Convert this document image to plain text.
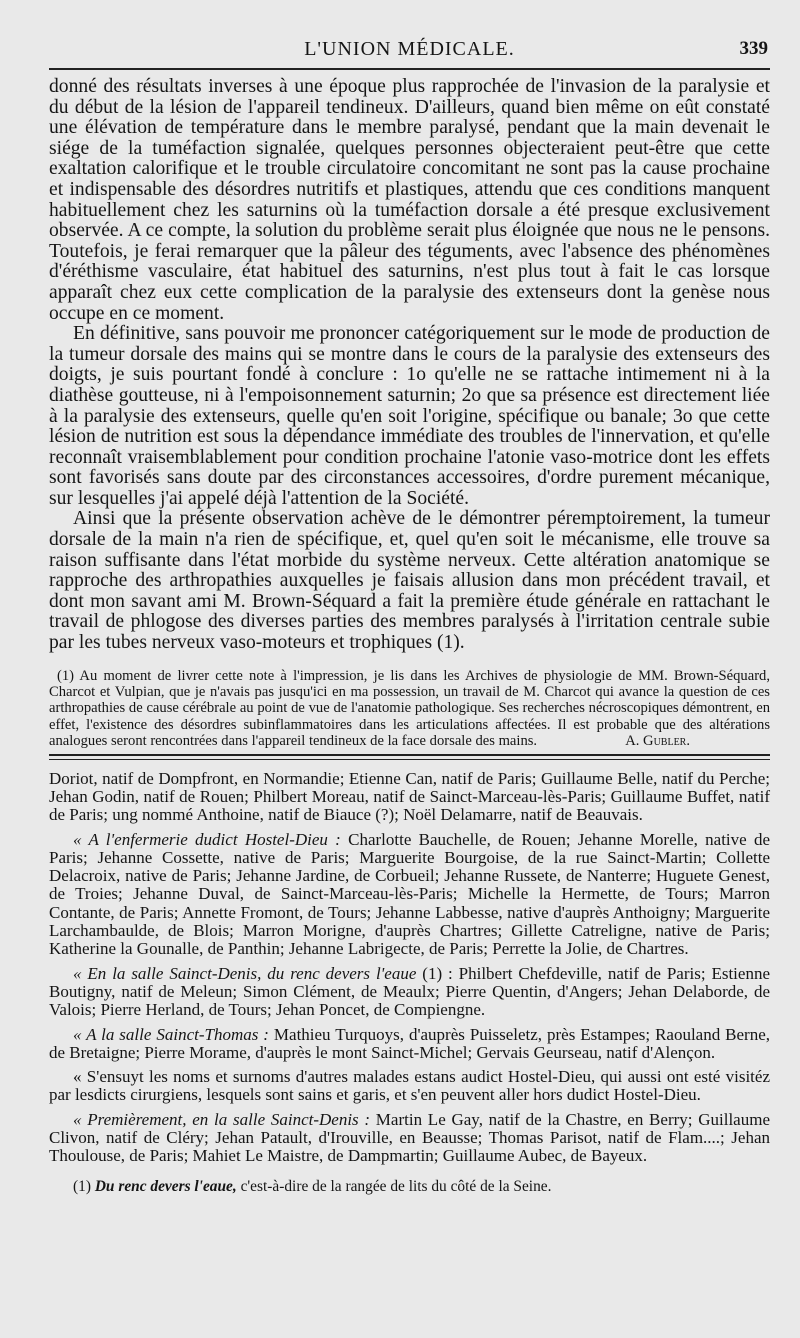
L'UNION MÉDICALE.	339

donné des résultats inverses à une époque plus rapprochée de l'invasion de la paralysie et du début de la lésion de l'appareil tendineux. D'ailleurs, quand bien même on eût constaté une élévation de température dans le membre paralysé, pendant que la main devenait le siége de la tuméfaction signalée, quelques personnes objecteraient peut-être que cette exaltation calorifique et le trouble circulatoire concomitant ne sont pas la cause prochaine et indispensable des désordres nutritifs et plastiques, attendu que ces conditions manquent habituellement chez les saturnins où la tuméfaction dorsale a été presque exclusivement observée. A ce compte, la solution du problème serait plus éloignée que nous ne le pensons. Toutefois, je ferai remarquer que la pâleur des téguments, avec l'absence des phénomènes d'éréthisme vasculaire, état habituel des saturnins, n'est plus tout à fait le cas lorsque apparaît chez eux cette complication de la paralysie des extenseurs dont la genèse nous occupe en ce moment.

En définitive, sans pouvoir me prononcer catégoriquement sur le mode de production de la tumeur dorsale des mains qui se montre dans le cours de la paralysie des extenseurs des doigts, je suis pourtant fondé à conclure : 1o qu'elle ne se rattache intimement ni à la diathèse goutteuse, ni à l'empoisonnement saturnin; 2o que sa présence est directement liée à la paralysie des extenseurs, quelle qu'en soit l'origine, spécifique ou banale; 3o que cette lésion de nutrition est sous la dépendance immédiate des troubles de l'innervation, et qu'elle reconnaît vraisemblablement pour condition prochaine l'atonie vaso-motrice dont les effets sont favorisés sans doute par des circonstances accessoires, d'ordre purement mécanique, sur lesquelles j'ai appelé déjà l'attention de la Société.

Ainsi que la présente observation achève de le démontrer péremptoirement, la tumeur dorsale de la main n'a rien de spécifique, et, quel qu'en soit le mécanisme, elle trouve sa raison suffisante dans l'état morbide du système nerveux. Cette altération anatomique se rapproche des arthropathies auxquelles je faisais allusion dans mon précédent travail, et dont mon savant ami M. Brown-Séquard a fait la première étude générale en rattachant le travail de phlogose des diverses parties des membres paralysés à l'irritation centrale subie par les tubes nerveux vaso-moteurs et trophiques (1).

(1) Au moment de livrer cette note à l'impression, je lis dans les Archives de physiologie de MM. Brown-Séquard, Charcot et Vulpian, que je n'avais pas jusqu'ici en ma possession, un travail de M. Charcot qui avance la question de ces arthropathies de cause cérébrale au point de vue de l'anatomie pathologique. Ses recherches nécroscopiques démontrent, en effet, l'existence des désordres subinflammatoires dans les articulations affectées. Il est probable que des altérations analogues seront rencontrées dans l'appareil tendineux de la face dorsale des mains.	A. Gubler.

Doriot, natif de Dompfront, en Normandie; Etienne Can, natif de Paris; Guillaume Belle, natif du Perche; Jehan Godin, natif de Rouen; Philbert Moreau, natif de Sainct-Marceau-lès-Paris; Guillaume Buffet, natif de Paris; ung nommé Anthoine, natif de Biauce (?); Noël Delamarre, natif de Beauvais.

« A l'enfermerie dudict Hostel-Dieu : Charlotte Bauchelle, de Rouen; Jehanne Morelle, native de Paris; Jehanne Cossette, native de Paris; Marguerite Bourgoise, de la rue Sainct-Martin; Collette Delacroix, native de Paris; Jehanne Jardine, de Corbueil; Jehanne Russete, de Nanterre; Huguete Genest, de Troies; Jehanne Duval, de Sainct-Marceau-lès-Paris; Michelle la Hermette, de Tours; Marron Contante, de Paris; Annette Fromont, de Tours; Jehanne Labbesse, native d'auprès Anthoigny; Marguerite Larchambaulde, de Blois; Marron Morigne, d'auprès Chartres; Gillette Catreligne, native de Paris; Katherine la Gounalle, de Panthin; Jehanne Labrigecte, de Paris; Perrette la Jolie, de Chartres.

« En la salle Sainct-Denis, du renc devers l'eaue (1) : Philbert Chefdeville, natif de Paris; Estienne Boutigny, natif de Meleun; Simon Clément, de Meaulx; Pierre Quentin, d'Angers; Jehan Delaborde, de Valois; Pierre Herland, de Tours; Jehan Poncet, de Compiengne.

« A la salle Sainct-Thomas : Mathieu Turquoys, d'auprès Puisseletz, près Estampes; Raouland Berne, de Bretaigne; Pierre Morame, d'auprès le mont Sainct-Michel; Gervais Geurseau, natif d'Alençon.

« S'ensuyt les noms et surnoms d'autres malades estans audict Hostel-Dieu, qui aussi ont esté visitéz par lesdicts cirurgiens, lesquels sont sains et garis, et s'en peuvent aller hors dudict Hostel-Dieu.

« Premièrement, en la salle Sainct-Denis : Martin Le Gay, natif de la Chastre, en Berry; Guillaume Clivon, natif de Cléry; Jehan Patault, d'Irouville, en Beausse; Thomas Parisot, natif de Flam....; Jehan Thoulouse, de Paris; Mahiet Le Maistre, de Dampmartin; Guillaume Aubec, de Bayeux.

(1) Du renc devers l'eaue, c'est-à-dire de la rangée de lits du côté de la Seine.
